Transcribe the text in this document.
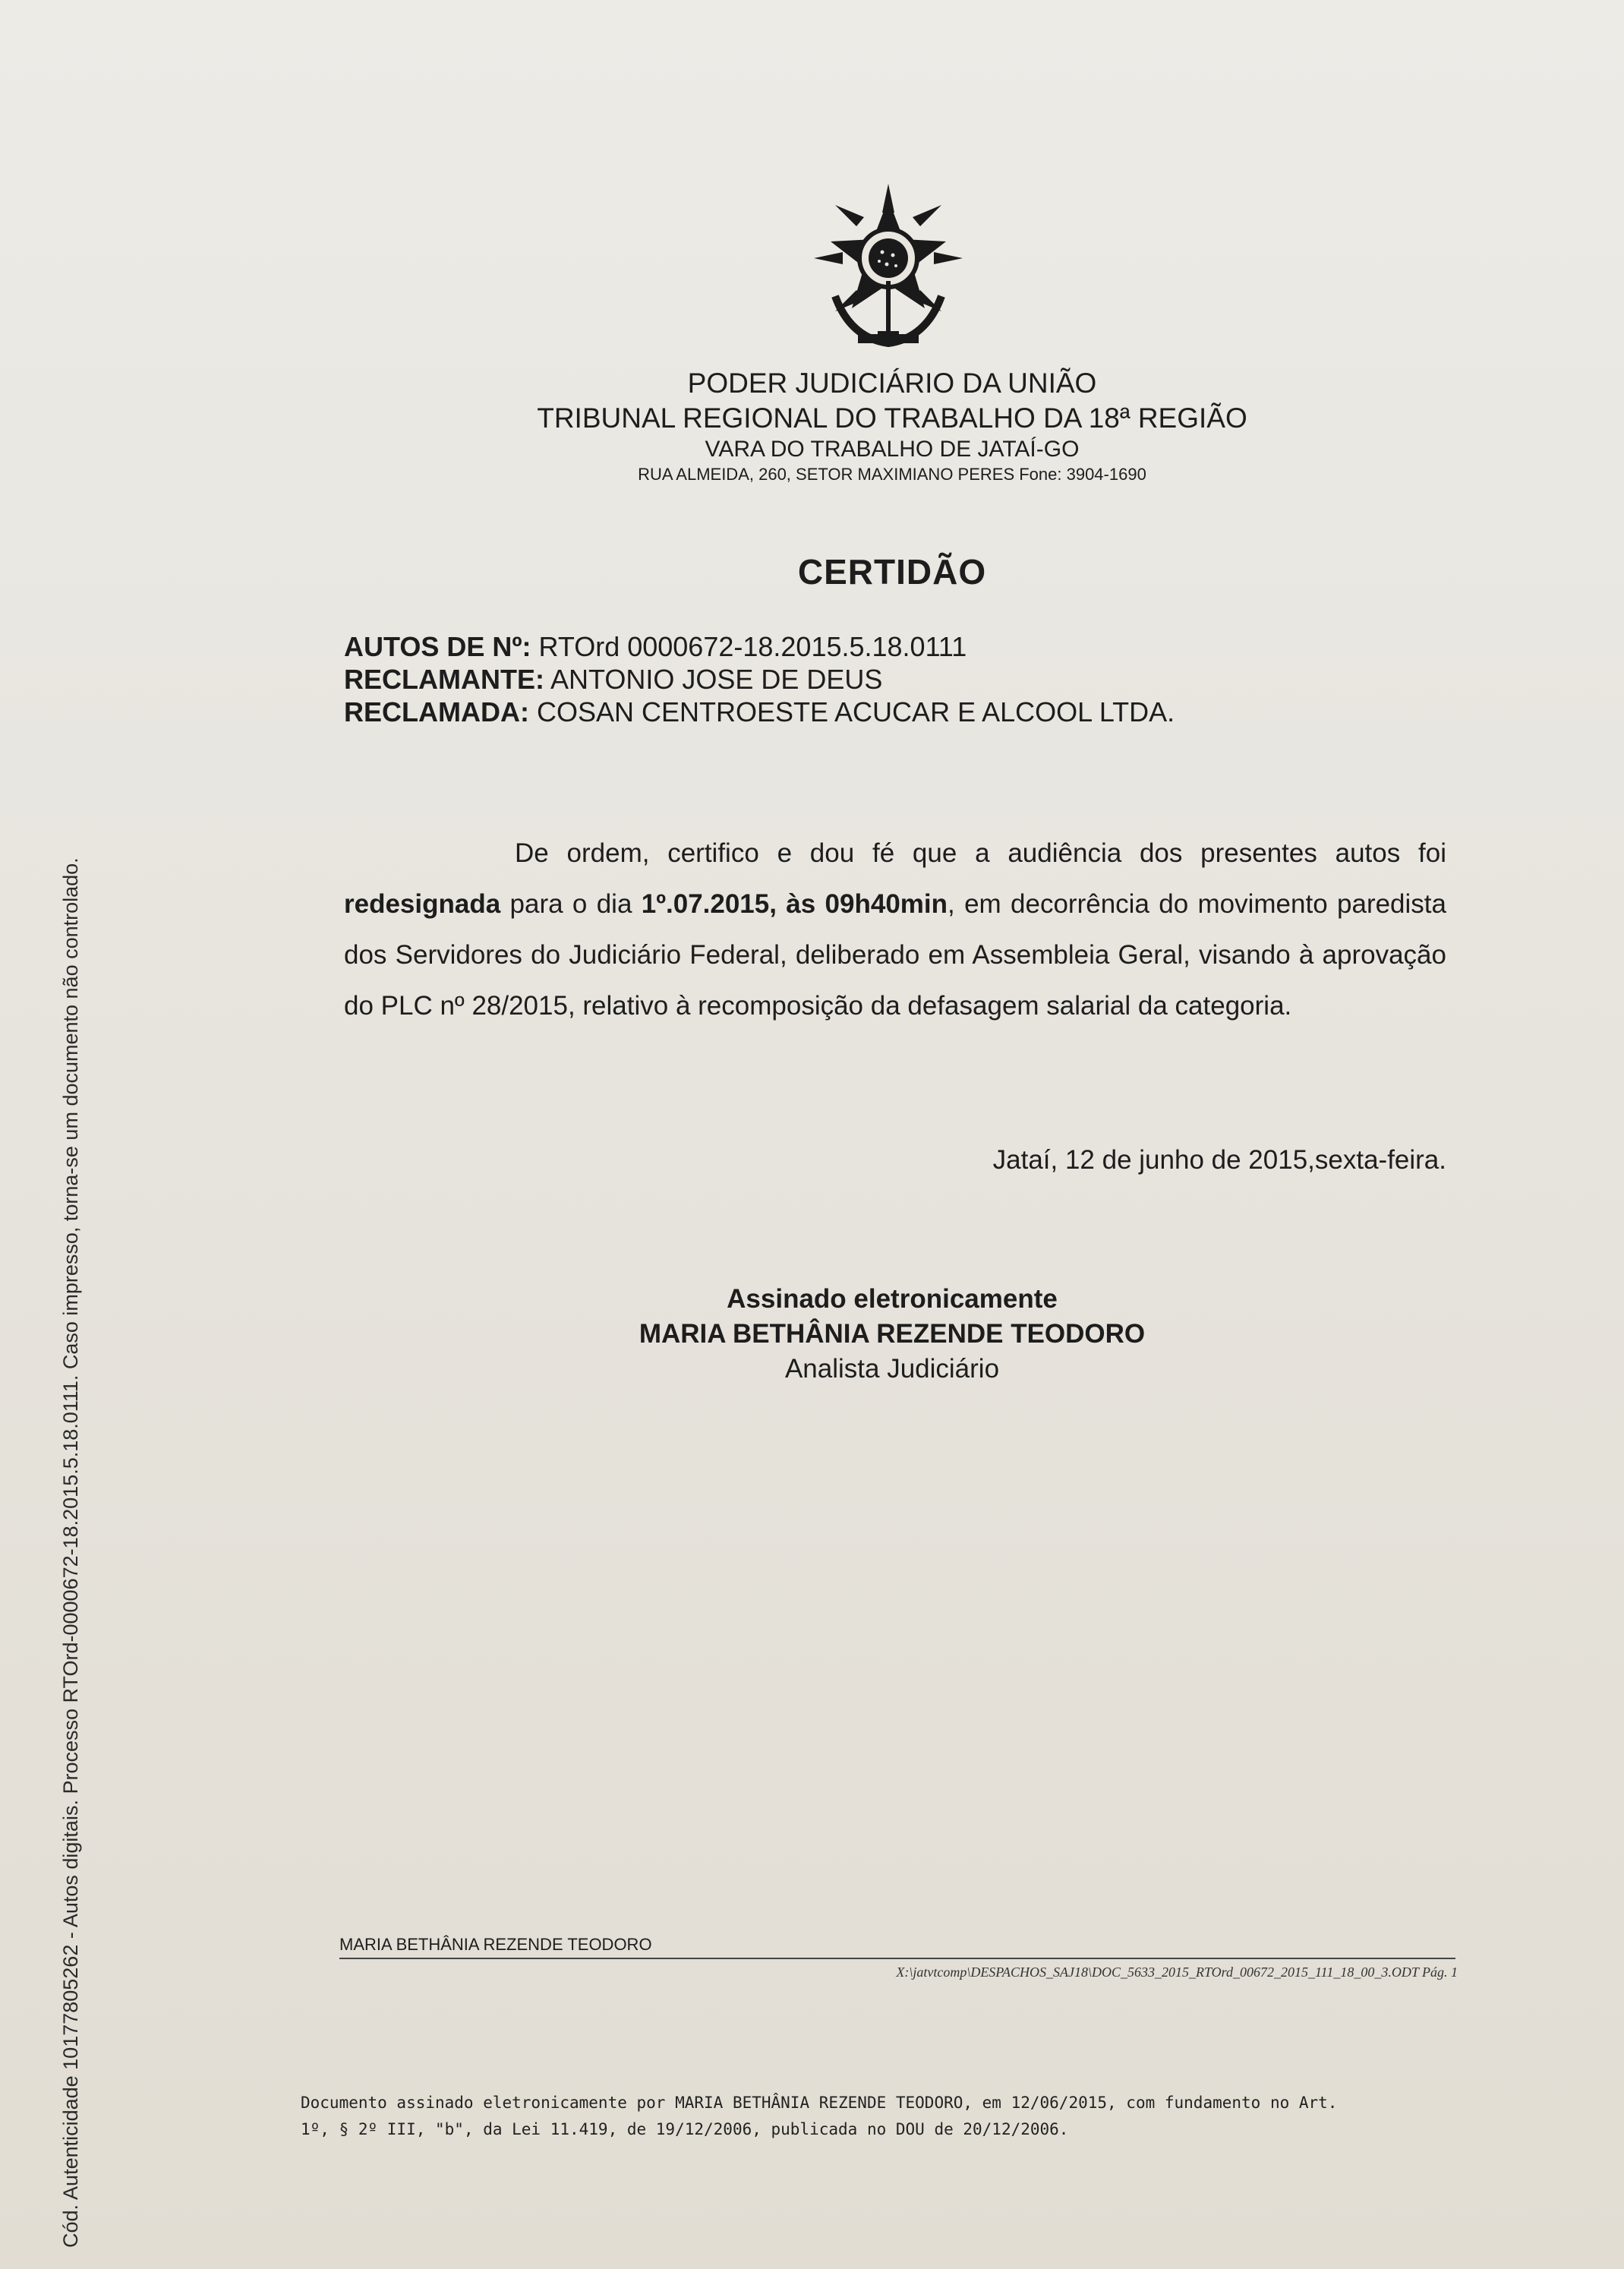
Cód. Autenticidade 10177805262 - Autos digitais. Processo RTOrd-0000672-18.2015.5.18.0111. Caso impresso, torna-se um documento não controlado.
PODER JUDICIÁRIO DA UNIÃO
TRIBUNAL REGIONAL DO TRABALHO DA 18ª REGIÃO
VARA DO TRABALHO DE JATAÍ-GO
RUA ALMEIDA, 260, SETOR MAXIMIANO PERES Fone: 3904-1690
CERTIDÃO
AUTOS DE Nº: RTOrd 0000672-18.2015.5.18.0111
RECLAMANTE: ANTONIO JOSE DE DEUS
RECLAMADA: COSAN CENTROESTE ACUCAR E ALCOOL LTDA.
De ordem, certifico e dou fé que a audiência dos presentes autos foi redesignada para o dia 1º.07.2015, às 09h40min, em decorrência do movimento paredista dos Servidores do Judiciário Federal, deliberado em Assembleia Geral, visando à aprovação do PLC nº 28/2015, relativo à recomposição da defasagem salarial da categoria.
Jataí, 12 de junho de 2015,sexta-feira.
Assinado eletronicamente
MARIA BETHÂNIA REZENDE TEODORO
Analista Judiciário
MARIA BETHÂNIA REZENDE TEODORO
X:\jatvtcomp\DESPACHOS_SAJ18\DOC_5633_2015_RTOrd_00672_2015_111_18_00_3.ODT Pág. 1
Documento assinado eletronicamente por MARIA BETHÂNIA REZENDE TEODORO, em 12/06/2015, com fundamento no Art.
1º, § 2º III, "b", da Lei 11.419, de 19/12/2006, publicada no DOU de 20/12/2006.
